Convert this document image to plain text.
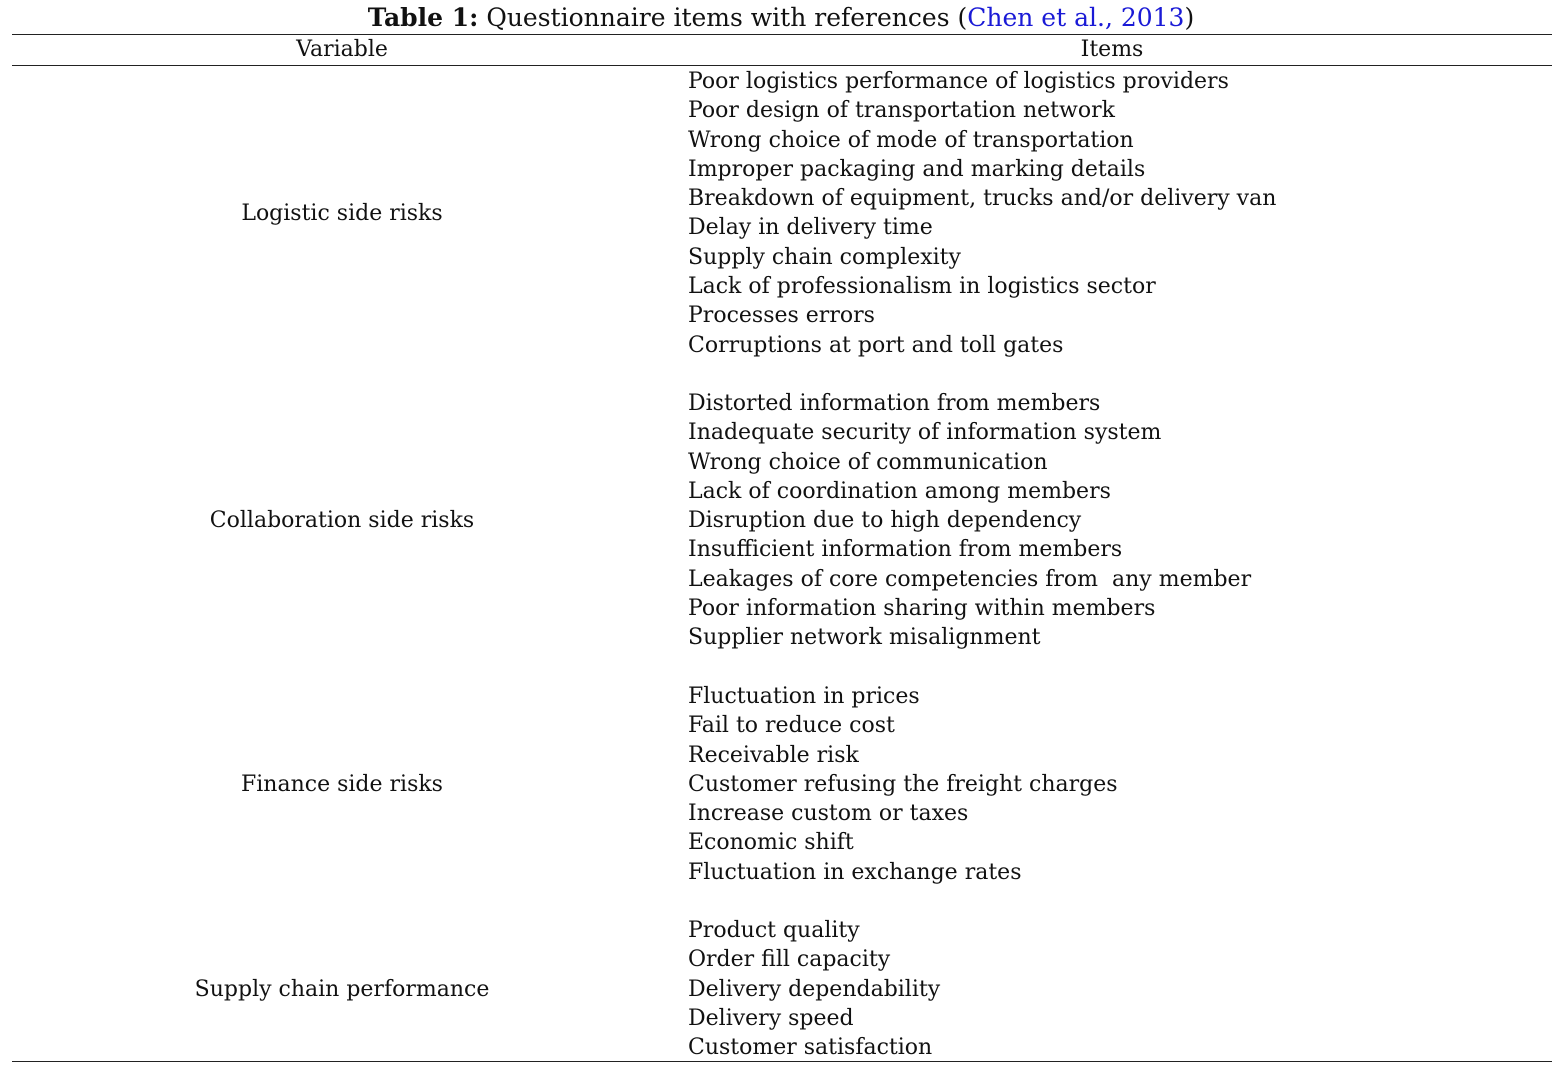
Table 1: Questionnaire items with references (Chen et al., 2013)
Variable	Items
Logistic side risks
Poor logistics performance of logistics providers
Poor design of transportation network
Wrong choice of mode of transportation
Improper packaging and marking details
Breakdown of equipment, trucks and/or delivery van
Delay in delivery time
Supply chain complexity
Lack of professionalism in logistics sector
Processes errors
Corruptions at port and toll gates
Collaboration side risks
Distorted information from members
Inadequate security of information system
Wrong choice of communication
Lack of coordination among members
Disruption due to high dependency
Insufficient information from members
Leakages of core competencies from  any member
Poor information sharing within members
Supplier network misalignment
Finance side risks
Fluctuation in prices
Fail to reduce cost
Receivable risk
Customer refusing the freight charges
Increase custom or taxes
Economic shift
Fluctuation in exchange rates
Supply chain performance
Product quality
Order fill capacity
Delivery dependability
Delivery speed
Customer satisfaction
